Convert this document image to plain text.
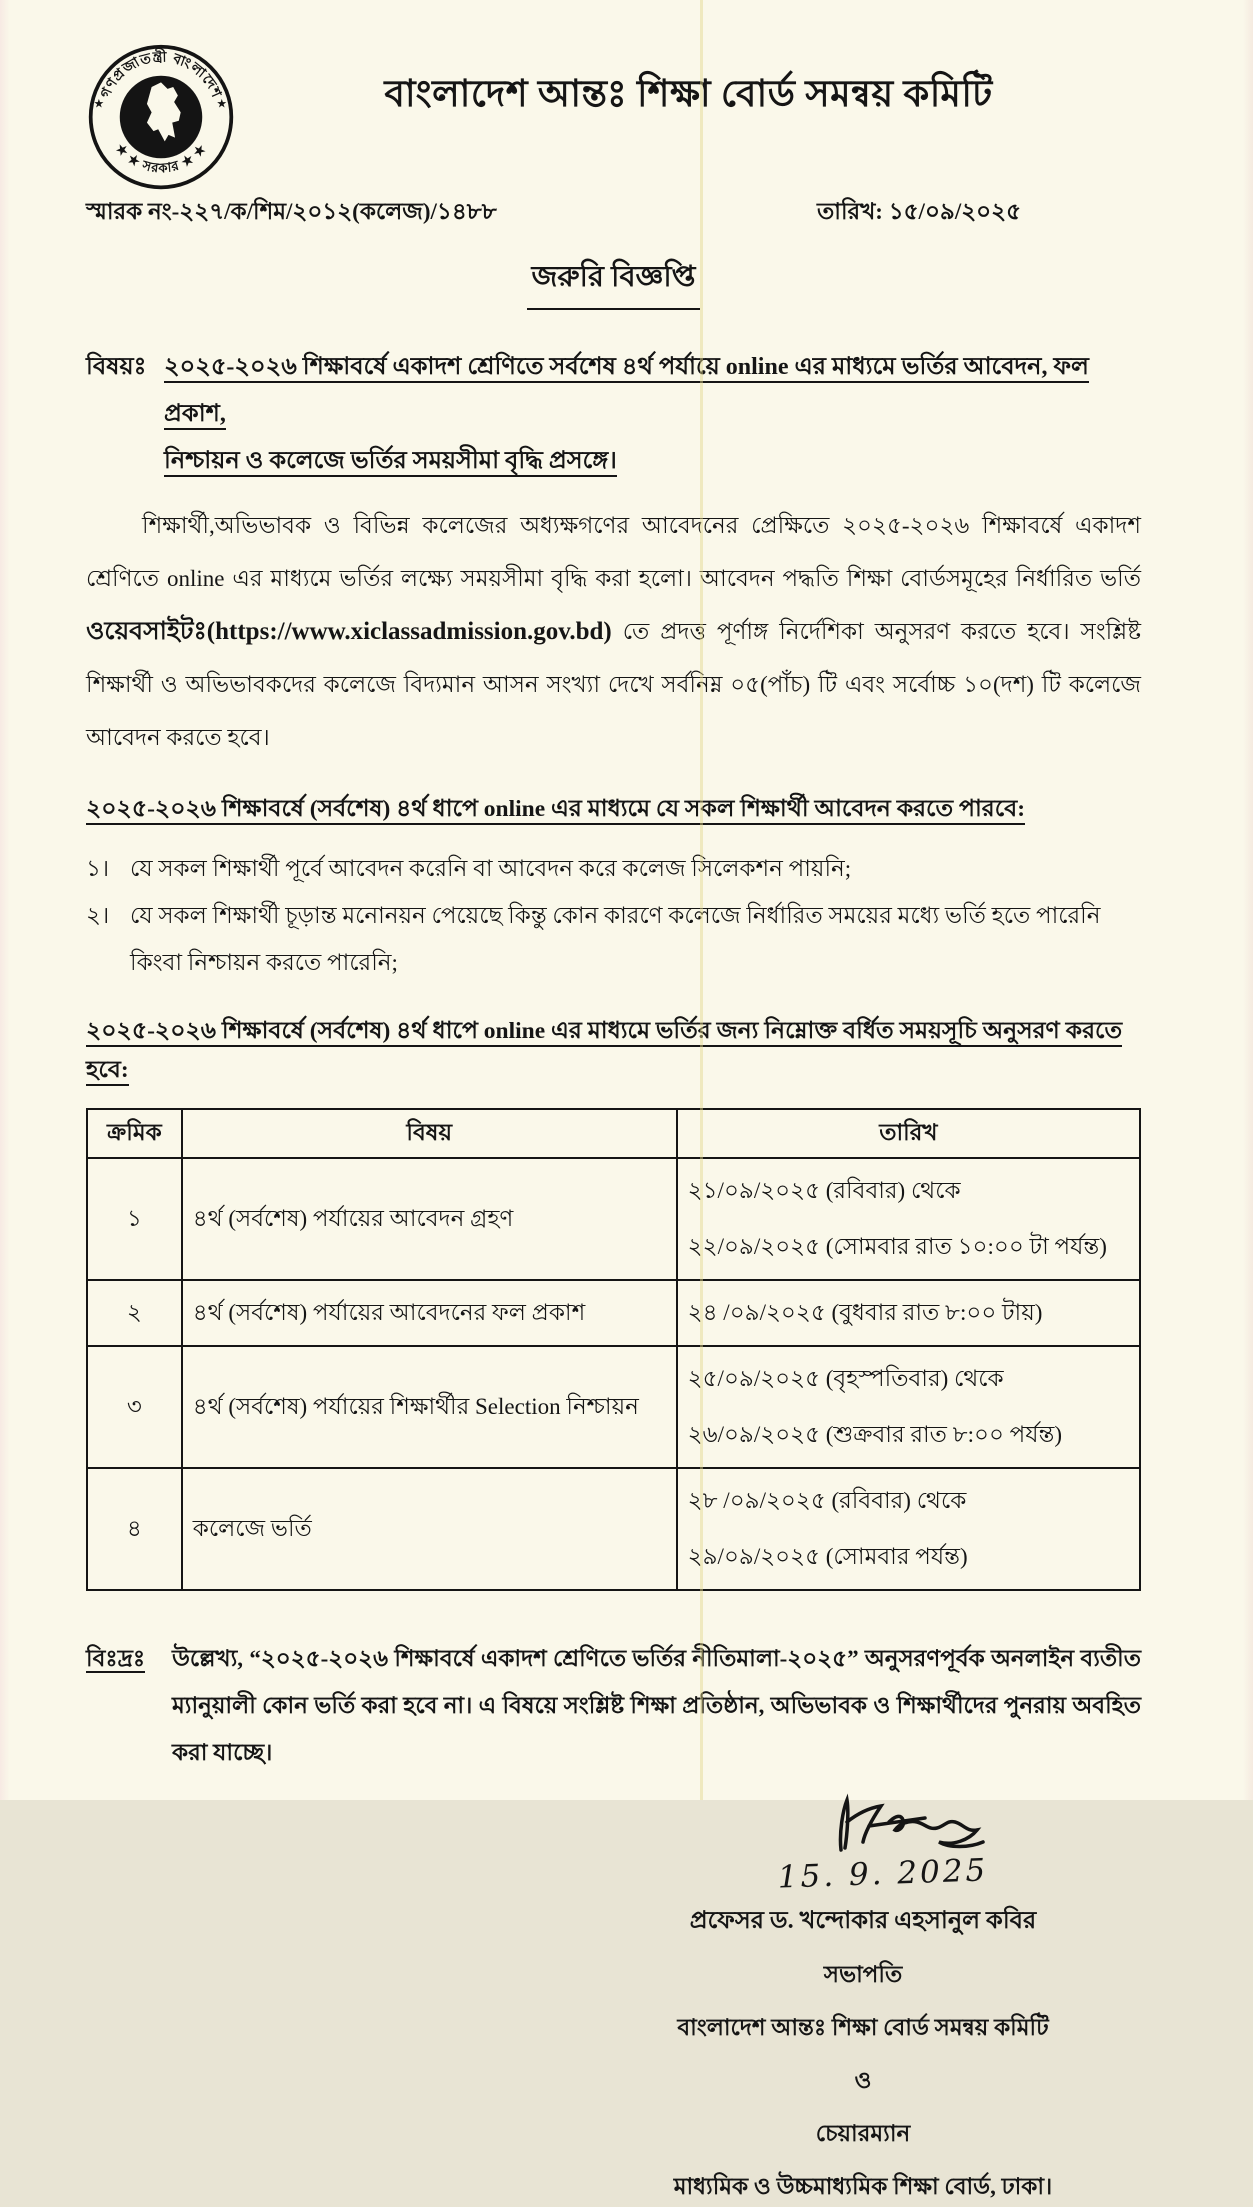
গণপ্রজাতন্ত্রী বাংলাদেশ
★ ★ সরকার ★ ★
★	★	বাংলাদেশ আন্তঃ শিক্ষা বোর্ড সমন্বয় কমিটি
স্মারক নং-২২৭/ক/শিম/২০১২(কলেজ)/১৪৮৮	তারিখ: ১৫/০৯/২০২৫
জরুরি বিজ্ঞপ্তি
বিষয়ঃ ২০২৫-২০২৬ শিক্ষাবর্ষে একাদশ শ্রেণিতে সর্বশেষ ৪র্থ পর্যায়ে online এর মাধ্যমে ভর্তির আবেদন, ফল প্রকাশ,
নিশ্চায়ন ও কলেজে ভর্তির সময়সীমা বৃদ্ধি প্রসঙ্গে।
শিক্ষার্থী,অভিভাবক ও বিভিন্ন কলেজের অধ্যক্ষগণের আবেদনের প্রেক্ষিতে ২০২৫-২০২৬ শিক্ষাবর্ষে একাদশ শ্রেণিতে online এর মাধ্যমে ভর্তির লক্ষ্যে সময়সীমা বৃদ্ধি করা হলো। আবেদন পদ্ধতি শিক্ষা বোর্ডসমূহের নির্ধারিত ভর্তি ওয়েবসাইটঃ(https://www.xiclassadmission.gov.bd) তে প্রদত্ত পূর্ণাঙ্গ নির্দেশিকা অনুসরণ করতে হবে। সংশ্লিষ্ট শিক্ষার্থী ও অভিভাবকদের কলেজে বিদ্যমান আসন সংখ্যা দেখে সর্বনিম্ন ০৫(পাঁচ) টি এবং সর্বোচ্চ ১০(দশ) টি কলেজে আবেদন করতে হবে।
২০২৫-২০২৬ শিক্ষাবর্ষে (সর্বশেষ) ৪র্থ ধাপে online এর মাধ্যমে যে সকল শিক্ষার্থী আবেদন করতে পারবে:
১। যে সকল শিক্ষার্থী পূর্বে আবেদন করেনি বা আবেদন করে কলেজ সিলেকশন পায়নি;
২। যে সকল শিক্ষার্থী চূড়ান্ত মনোনয়ন পেয়েছে কিন্তু কোন কারণে কলেজে নির্ধারিত সময়ের মধ্যে ভর্তি হতে পারেনি কিংবা নিশ্চায়ন করতে পারেনি;
২০২৫-২০২৬ শিক্ষাবর্ষে (সর্বশেষ) ৪র্থ ধাপে online এর মাধ্যমে ভর্তির জন্য নিম্নোক্ত বর্ধিত সময়সূচি অনুসরণ করতে হবে:
ক্রমিক	বিষয়	তারিখ
১	৪র্থ (সর্বশেষ) পর্যায়ের আবেদন গ্রহণ	২১/০৯/২০২৫ (রবিবার) থেকে
২২/০৯/২০২৫ (সোমবার রাত ১০:০০ টা পর্যন্ত)

২	৪র্থ (সর্বশেষ) পর্যায়ের আবেদনের ফল প্রকাশ	২৪ /০৯/২০২৫ (বুধবার রাত ৮:০০ টায়)

৩	৪র্থ (সর্বশেষ) পর্যায়ের শিক্ষার্থীর Selection নিশ্চায়ন	২৫/০৯/২০২৫ (বৃহস্পতিবার) থেকে
২৬/০৯/২০২৫ (শুক্রবার রাত ৮:০০ পর্যন্ত)

৪	কলেজে ভর্তি	২৮ /০৯/২০২৫ (রবিবার) থেকে
২৯/০৯/২০২৫ (সোমবার পর্যন্ত)
বিঃদ্রঃ	উল্লেখ্য, “২০২৫-২০২৬ শিক্ষাবর্ষে একাদশ শ্রেণিতে ভর্তির নীতিমালা-২০২৫” অনুসরণপূর্বক অনলাইন ব্যতীত ম্যানুয়ালী কোন ভর্তি করা হবে না। এ বিষয়ে সংশ্লিষ্ট শিক্ষা প্রতিষ্ঠান, অভিভাবক ও শিক্ষার্থীদের পুনরায় অবহিত করা যাচ্ছে।
15. 9. 2025
প্রফেসর ড. খন্দোকার এহসানুল কবির
সভাপতি
বাংলাদেশ আন্তঃ শিক্ষা বোর্ড সমন্বয় কমিটি
ও
চেয়ারম্যান
মাধ্যমিক ও উচ্চমাধ্যমিক শিক্ষা বোর্ড, ঢাকা।
